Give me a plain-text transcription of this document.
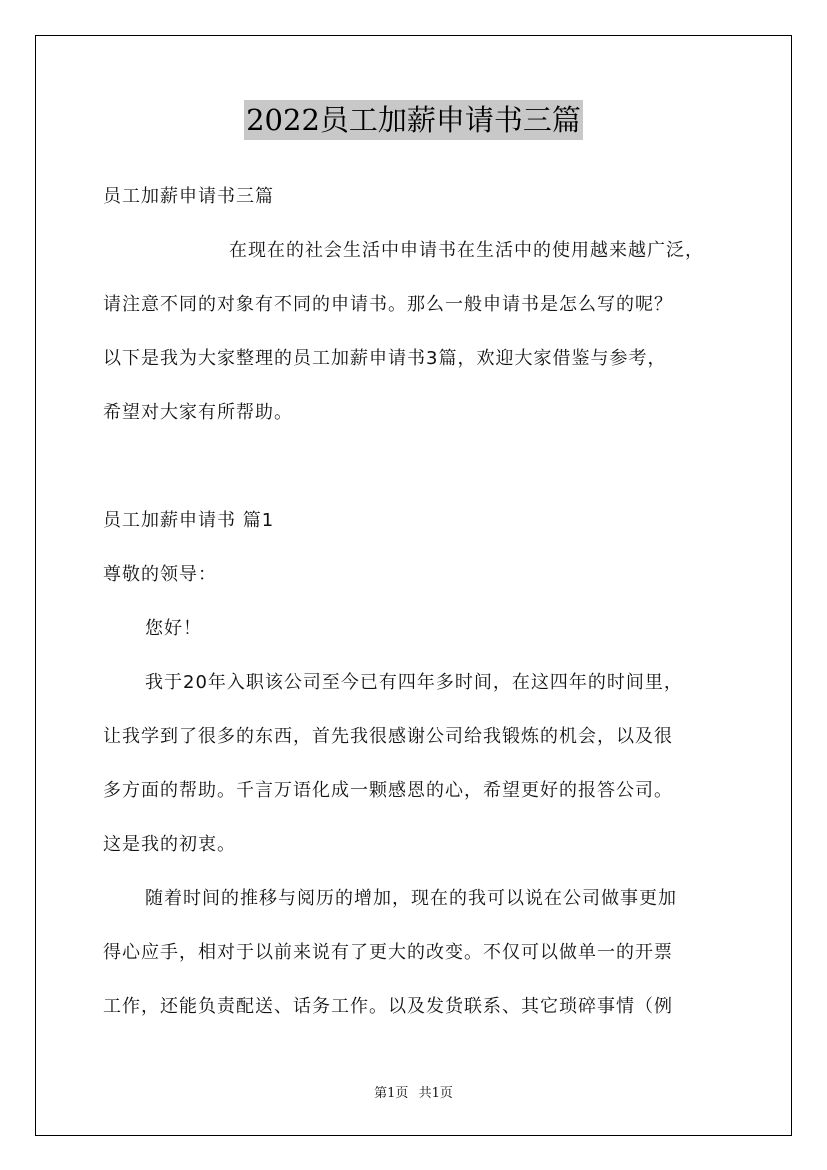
2022员工加薪申请书三篇

员工加薪申请书三篇

在现在的社会生活中申请书在生活中的使用越来越广泛，

请注意不同的对象有不同的申请书。那么一般申请书是怎么写的呢？

以下是我为大家整理的员工加薪申请书3篇，欢迎大家借鉴与参考，

希望对大家有所帮助。

员工加薪申请书 篇1

尊敬的领导：

您好！

我于20年入职该公司至今已有四年多时间，在这四年的时间里，

让我学到了很多的东西，首先我很感谢公司给我锻炼的机会，以及很

多方面的帮助。千言万语化成一颗感恩的心，希望更好的报答公司。

这是我的初衷。

随着时间的推移与阅历的增加，现在的我可以说在公司做事更加

得心应手，相对于以前来说有了更大的改变。不仅可以做单一的开票

工作，还能负责配送、话务工作。以及发货联系、其它琐碎事情（例

第1页 共1页
